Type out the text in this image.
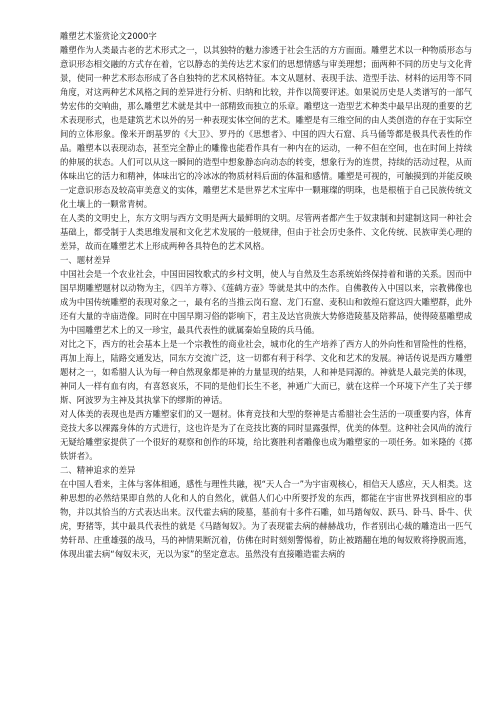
雕塑艺术鉴赏论文2000字

雕塑作为人类最古老的艺术形式之一，以其独特的魅力渗透于社会生活的方方面面。雕塑艺术以一种物质形态与意识形态相交融的方式存在着，它以静态的美传达艺术家们的思想情感与审美理想；面两种不同的历史与文化背景，使同一种艺术形态形成了各自独特的艺术风格特征。本文从题材、表现手法、造型手法、材料的运用等不同角度，对这两种艺术风格之间的差异进行分析、归纳和比较，并作以简要评述。如果说历史是人类谱写的一部气势宏伟的交响曲，那么雕塑艺术就是其中一部精致而独立的乐章。雕塑这一造型艺术种类中最早出现的重要的艺术表现形式，也是建筑艺术以外的另一种表现实体空间的艺术。雕塑是有三维空间的由人类创造的存在于实际空间的立体形象。像米开朗基罗的《大卫》、罗丹的《思想者》、中国的四大石窟、兵马俑等都是极具代表性的作品。雕塑本以表现动态，甚至完全静止的雕像也能看作具有一种内在的运动，一种不但在空间，也在时间上持续的伸展的状态。人们可以从这一瞬间的造型中想象静态向动态的转变，想象行为的连贯，持续的活动过程，从而体味出它的活力和精神，体味出它的冷冰冰的物质材料后面的体温和感情。雕塑是可视的，可触摸到的并能反映一定意识形态及较高审美意义的实体，雕塑艺术是世界艺术宝库中一颗璀璨的明珠，也是根植于自己民族传统文化土壤上的一颗常青树。

在人类的文明史上，东方文明与西方文明是两大最鲜明的文明。尽管两者都产生于奴隶制和封建制这同一种社会基础上，都受制于人类思维发展和文化艺术发展的一般规律，但由于社会历史条件、文化传统、民族审美心理的差异，故而在雕塑艺术上形成两种各具特色的艺术风格。

一、题材差异

中国社会是一个农业社会，中国田园牧歌式的乡村文明，使人与自然及生态系统始终保持着和谐的关系。因而中国早期雕塑题材以动物为主，《四羊方尊》、《莲鹤方壶》等就是其中的杰作。自佛教传入中国以来，宗教佛像也成为中国传统雕塑的表现对象之一，最有名的当推云岗石窟、龙门石窟、麦积山和敦煌石窟这四大雕塑群，此外还有大量的寺庙造像。同时在中国早期习俗的影响下，君主及达官贵族大势修造陵墓及陪葬品，使得陵墓雕塑成为中国雕塑艺术上的又一珍宝，最具代表性的就属秦始皇陵的兵马俑。

对比之下，西方的社会基本上是一个宗教性的商业社会，城市化的生产培养了西方人的外向性和冒险性的性格，再加上海上，陆路交通发达，同东方交流广泛，这一切都有利于科学、文化和艺术的发展。神话传说是西方雕塑题材之一，如希腊人认为每一种自然现象都是神的力量显现的结果，人和神是同源的。神就是人最完美的体现，神同人一样有血有肉，有喜怒哀乐，不同的是他们长生不老，神通广大而已，就在这样一个环境下产生了关于缪斯、阿波罗为主神及其执掌下的缪斯的神话。

对人体美的表现也是西方雕塑家们的又一题材。体育竞技和大型的祭神是古希腊社会生活的一项重要内容，体育竞技大多以裸露身体的方式进行，这也许是为了在竞技比赛的同时显露强悍，优美的体型。这种社会风尚的流行无疑给雕塑家提供了一个很好的观察和创作的环境，给比赛胜利者雕像也成为雕塑家的一项任务。如米隆的《掷铁饼者》。

二、精神追求的差异

在中国人看来，主体与客体相通，感性与理性共融，视“天人合一”为宇宙观核心，相信天人感应，天人相类。这种思想的必然结果即自然的人化和人的自然化，就倡人们心中所要抒发的东西，都能在宇宙世界找到相应的事物，并以其恰当的方式表达出来。汉代霍去病的陵墓，墓前有十多件石雕，如马踏匈奴、跃马、卧马、卧牛、伏虎，野猪等，其中最具代表性的就是《马踏匈奴》。为了表现霍去病的赫赫战功，作者别出心裁的雕造出一匹气势轩昂、庄重雄强的战马，马的神情果断沉着，仿佛在时时刻刻警惕着，防止被踏翻在地的匈奴败将挣脱而逃，体现出霍去病“匈奴未灭，无以为家”的坚定意志。虽然没有直接雕造霍去病的
